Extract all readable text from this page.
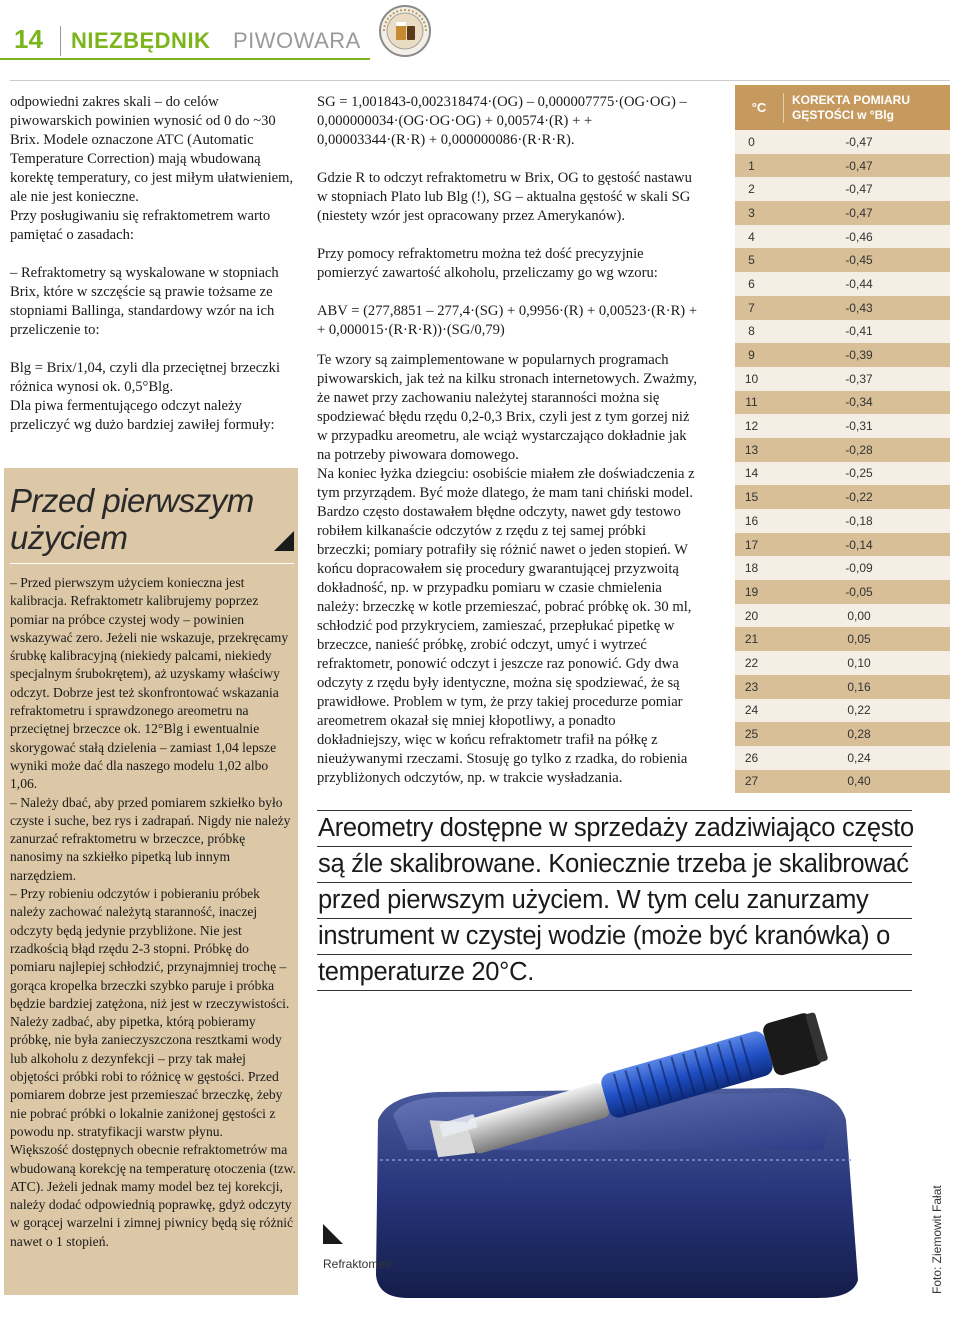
14 NIEZBĘDNIK PIWOWARA

odpowiedni zakres skali – do celów piwowarskich powinien wynosić od 0 do ~30 Brix. Modele oznaczone ATC (Automatic Temperature Correction) mają wbudowaną korektę temperatury, co jest miłym ułatwieniem, ale nie jest konieczne.

Przy posługiwaniu się refraktometrem warto pamiętać o zasadach:

– Refraktometry są wyskalowane w stopniach Brix, które w szczęście są prawie tożsame ze stopniami Ballinga, standardowy wzór na ich przeliczenie to:

Blg = Brix/1,04, czyli dla przeciętnej brzeczki różnica wynosi ok. 0,5°Blg.

Dla piwa fermentującego odczyt należy przeliczyć wg dużo bardziej zawiłej formuły:

Przed pierwszym użyciem

– Przed pierwszym użyciem konieczna jest kalibracja. Refraktometr kalibrujemy poprzez pomiar na próbce czystej wody – powinien wskazywać zero. Jeżeli nie wskazuje, przekręcamy śrubkę kalibracyjną (niekiedy palcami, niekiedy specjalnym śrubokrętem), aż uzyskamy właściwy odczyt. Dobrze jest też skonfrontować wskazania refraktometru i sprawdzonego areometru na przeciętnej brzeczce ok. 12°Blg i ewentualnie skorygować stałą dzielenia – zamiast 1,04 lepsze wyniki może dać dla naszego modelu 1,02 albo 1,06.

– Należy dbać, aby przed pomiarem szkiełko było czyste i suche, bez rys i zadrapań. Nigdy nie należy zanurzać refraktometru w brzeczce, próbkę nanosimy na szkiełko pipetką lub innym narzędziem.

– Przy robieniu odczytów i pobieraniu próbek należy zachować należytą staranność, inaczej odczyty będą jedynie przybliżone. Nie jest rzadkością błąd rzędu 2-3 stopni. Próbkę do pomiaru najlepiej schłodzić, przynajmniej trochę – gorąca kropelka brzeczki szybko paruje i próbka będzie bardziej zatężona, niż jest w rzeczywistości. Należy zadbać, aby pipetka, którą pobieramy próbkę, nie była zanieczyszczona resztkami wody lub alkoholu z dezynfekcji – przy tak małej objętości próbki robi to różnicę w gęstości. Przed pomiarem dobrze jest przemieszać brzeczkę, żeby nie pobrać próbki o lokalnie zaniżonej gęstości z powodu np. stratyfikacji warstw płynu.

Większość dostępnych obecnie refraktometrów ma wbudowaną korekcję na temperaturę otoczenia (tzw. ATC). Jeżeli jednak mamy model bez tej korekcji, należy dodać odpowiednią poprawkę, gdyż odczyty w gorącej warzelni i zimnej piwnicy będą się różnić nawet o 1 stopień.

SG = 1,001843-0,002318474·(OG) – 0,000007775·(OG·OG) – 0,000000034·(OG·OG·OG) + 0,00574·(R) + + 0,00003344·(R·R) + 0,000000086·(R·R·R).

Gdzie R to odczyt refraktometru w Brix, OG to gęstość nastawu w stopniach Plato lub Blg (!), SG – aktualna gęstość w skali SG (niestety wzór jest opracowany przez Amerykanów).

Przy pomocy refraktometru można też dość precyzyjnie pomierzyć zawartość alkoholu, przeliczamy go wg wzoru:

ABV = (277,8851 – 277,4·(SG) + 0,9956·(R) + 0,00523·(R·R) + + 0,000015·(R·R·R))·(SG/0,79)

Te wzory są zaimplementowane w popularnych programach piwowarskich, jak też na kilku stronach internetowych. Zważmy, że nawet przy zachowaniu należytej staranności można się spodziewać błędu rzędu 0,2-0,3 Brix, czyli jest z tym gorzej niż w przypadku areometru, ale wciąż wystarczająco dokładnie jak na potrzeby piwowara domowego.

Na koniec łyżka dziegciu: osobiście miałem złe doświadczenia z tym przyrządem. Być może dlatego, że mam tani chiński model. Bardzo często dostawałem błędne odczyty, nawet gdy testowo robiłem kilkanaście odczytów z rzędu z tej samej próbki brzeczki; pomiary potrafiły się różnić nawet o jeden stopień. W końcu dopracowałem się procedury gwarantującej przyzwoitą dokładność, np. w przypadku pomiaru w czasie chmielenia należy: brzeczkę w kotle przemieszać, pobrać próbkę ok. 30 ml, schłodzić pod przykryciem, zamieszać, przepłukać pipetkę w brzeczce, nanieść próbkę, zrobić odczyt, umyć i wytrzeć refraktometr, ponowić odczyt i jeszcze raz ponowić. Gdy dwa odczyty z rzędu były identyczne, można się spodziewać, że są prawidłowe. Problem w tym, że przy takiej procedurze pomiar areometrem okazał się mniej kłopotliwy, a ponadto dokładniejszy, więc w końcu refraktometr trafił na półkę z nieużywanymi rzeczami. Stosuję go tylko z rzadka, do robienia przybliżonych odczytów, np. w trakcie wysładzania.

°C
KOREKTA POMIARU GĘSTOŚCI w °Blg
0	-0,47
1	-0,47
2	-0,47
3	-0,47
4	-0,46
5	-0,45
6	-0,44
7	-0,43
8	-0,41
9	-0,39
10	-0,37
11	-0,34
12	-0,31
13	-0,28
14	-0,25
15	-0,22
16	-0,18
17	-0,14
18	-0,09
19	-0,05
20	0,00
21	0,05
22	0,10
23	0,16
24	0,22
25	0,28
26	0,24
27	0,40
Areometry dostępne w sprzedaży zadziwiająco często są źle skalibrowane. Koniecznie trzeba je skalibrować przed pierwszym użyciem. W tym celu zanurzamy instrument w czystej wodzie (może być kranówka) o temperaturze 20°C.
Refraktometr	Foto: Ziemowit Fałat
